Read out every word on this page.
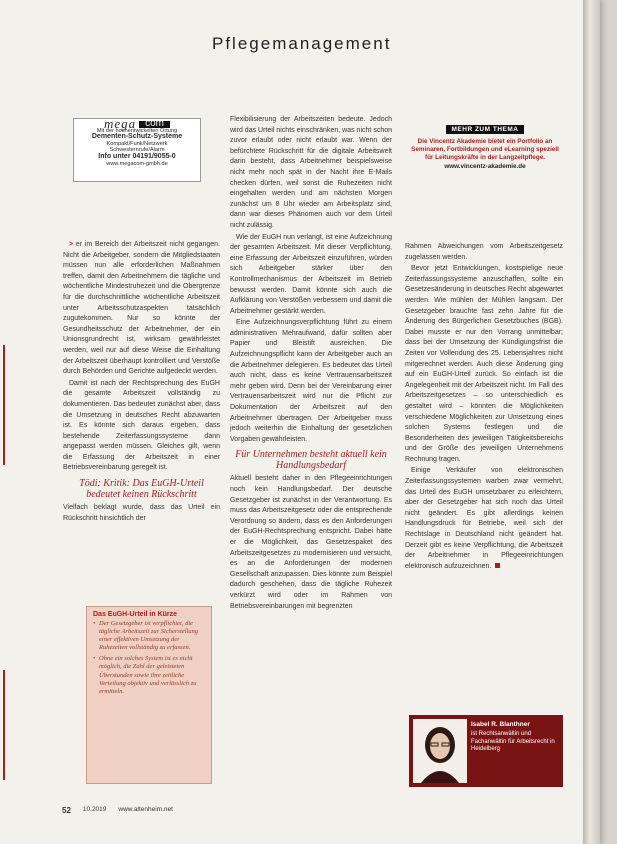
Pflegemanagement
mega com
Mit der hochentwickelten Ortung
Dementen-Schutz-Systeme
Kompakt/Funk/Netzwerk
Schwesternrufe/Alarm
Info unter 04191/9055-0
www.megacom-gmbh.de
MEHR ZUM THEMA
Die Vincentz Akademie bietet ein Portfolio an Seminaren, Fortbildungen und eLearning speziell für Leitungskräfte in der Langzeitpflege.
www.vincentz-akademie.de

> er im Bereich der Arbeitszeit nicht gegangen. Nicht die Arbeitgeber, sondern die Mitgliedstaaten müssen nun alle erforderlichen Maßnahmen treffen, damit den Arbeitnehmern die tägliche und wöchentliche Mindestruhezeit und die Obergrenze für die durchschnittliche wöchentliche Arbeitszeit unter Arbeitsschutzaspekten tatsächlich zugutekommen. Nur so könnte der Gesundheitsschutz der Arbeitnehmer, der ein Unionsgrundrecht ist, wirksam gewährleistet werden, weil nur auf diese Weise die Einhaltung der Arbeitszeit überhaupt kontrolliert und Verstöße durch Behörden und Gerichte aufgedeckt werden.

Damit ist nach der Rechtsprechung des EuGH die gesamte Arbeitszeit vollständig zu dokumentieren. Das bedeutet zunächst aber, dass die Umsetzung in deutsches Recht abzuwarten ist. Es könnte sich daraus ergeben, dass bestehende Zeiterfassungssysteme dann angepasst werden müssen. Gleiches gilt, wenn die Erfassung der Arbeitszeit in einer Betriebsvereinbarung geregelt ist.

Tödi: Kritik: Das EuGH-Urteil bedeutet keinen Rückschritt

Vielfach beklagt wurde, dass das Urteil ein Rückschritt hinsichtlich der

Das EuGH-Urteil in Kürze
• Der Gesetzgeber ist verpflichtet, die tägliche Arbeitszeit zur Sicherstellung einer effektiven Umsetzung der Ruhezeiten vollständig zu erfassen.
• Ohne ein solches System ist es nicht möglich, die Zahl der geleisteten Überstunden sowie ihre zeitliche Verteilung objektiv und verlässlich zu ermitteln.

Flexibilisierung der Arbeitszeiten bedeute. Jedoch wird das Urteil nichts einschränken, was nicht schon zuvor erlaubt oder nicht erlaubt war. Wenn der befürchtete Rückschritt für die digitale Arbeitswelt darin besteht, dass Arbeitnehmer beispielsweise nicht mehr noch spät in der Nacht ihre E-Mails checken dürfen, weil sonst die Ruhezeiten nicht eingehalten werden und am nächsten Morgen zunächst um 8 Uhr wieder am Arbeitsplatz sind, dann war dieses Phänomen auch vor dem Urteil nicht zulässig.

Wie der EuGH nun verlangt, ist eine Aufzeichnung der gesamten Arbeitszeit. Mit dieser Verpflichtung, eine Erfassung der Arbeitszeit einzuführen, würden sich Arbeitgeber stärker über den Kontrollmechanismus der Arbeitszeit im Betrieb bewusst werden. Damit könnte sich auch die Aufklärung von Verstößen verbessern und damit die Arbeitnehmer gestärkt werden.

Eine Aufzeichnungsverpflichtung führt zu einem administrativen Mehraufwand, dafür sollten aber Papier und Bleistift ausreichen. Die Aufzeichnungspflicht kann der Arbeitgeber auch an die Arbeitnehmer delegieren. Es bedeutet das Urteil auch nicht, dass es keine Vertrauensarbeitszeit mehr geben wird. Denn bei der Vereinbarung einer Vertrauensarbeitszeit wird nur die Pflicht zur Dokumentation der Arbeitszeit auf den Arbeitnehmer übertragen. Der Arbeitgeber muss jedoch weiterhin die Einhaltung der gesetzlichen Vorgaben gewährleisten.

Für Unternehmen besteht aktuell kein Handlungsbedarf

Aktuell besteht daher in den Pflegeeinrichtungen noch kein Handlungsbedarf. Der deutsche Gesetzgeber ist zunächst in der Verantwortung. Es muss das Arbeitszeitgesetz oder die entsprechende Verordnung so ändern, dass es den Anforderungen der EuGH-Rechtsprechung entspricht. Dabei hätte er die Möglichkeit, das Gesetzespaket des Arbeitszeitgesetzes zu modernisieren und versucht, es an die Anforderungen der modernen Gesellschaft anzupassen. Dies könnte zum Beispiel dadurch geschehen, dass die tägliche Ruhezeit verkürzt wird oder im Rahmen von Betriebsvereinbarungen mit begrenzten

Rahmen Abweichungen vom Arbeitszeitgesetz zugelassen werden.

Bevor jetzt Entwicklungen, kostspielige neue Zeiterfassungssysteme anzuschaffen, sollte ein Gesetzesänderung in deutsches Recht abgewartet werden. Wie mühlen der Mühlen langsam. Der Gesetzgeber brauchte fast zehn Jahre für die Änderung des Bürgerlichen Gesetzbuches (BGB). Dabei musste er nur den Vorrang unmittelbar; dass bei der Umsetzung der Kündigungsfrist die Zeiten vor Vollendung des 25. Lebensjahres nicht mitgerechnet werden. Auch diese Änderung ging auf ein EuGH-Urteil zurück. So einfach ist die Angelegenheit mit der Arbeitszeit nicht. Im Fall des Arbeitszeitgesetzes – so unterschiedlich es gestaltet wird – könnten die Möglichkeiten verschiedene Möglichkeiten zur Umsetzung eines solchen Systems festlegen und die Besonderheiten des jeweiligen Tätigkeitsbereichs und der Größe des jeweiligen Unternehmens Rechnung tragen.

Einige Verkäufer von elektronischen Zeiterfassungssystemen warben zwar vermehrt, das Urteil des EuGH umsetzbarer zu erleichtern, aber der Gesetzgeber hat sich noch das Urteil nicht geändert. Es gibt allerdings keinen Handlungsdruck für Betriebe, weil sich der Rechtslage in Deutschland nicht geändert hat. Derzeit gibt es keine Verpflichtung, die Arbeitszeit der Arbeitnehmer in Pflegeeinrichtungen elektronisch aufzuzeichnen.

Isabel R. Blanthner
ist Rechtsanwältin und Fachanwältin für Arbeitsrecht in Heidelberg
52 10.2019 www.altenheim.net
